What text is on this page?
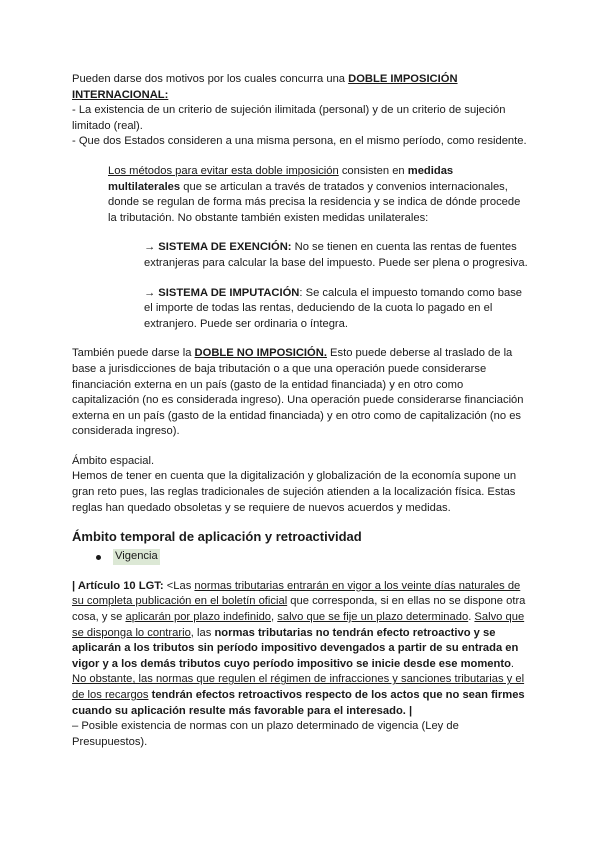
Pueden darse dos motivos por los cuales concurra una DOBLE IMPOSICIÓN INTERNACIONAL:

- La existencia de un criterio de sujeción ilimitada (personal) y de un criterio de sujeción limitado (real).

- Que dos Estados consideren a una misma persona, en el mismo período, como residente.

Los métodos para evitar esta doble imposición consisten en medidas multilaterales que se articulan a través de tratados y convenios internacionales, donde se regulan de forma más precisa la residencia y se indica de dónde procede la tributación. No obstante también existen medidas unilaterales:

→ SISTEMA DE EXENCIÓN: No se tienen en cuenta las rentas de fuentes extranjeras para calcular la base del impuesto. Puede ser plena o progresiva.

→ SISTEMA DE IMPUTACIÓN: Se calcula el impuesto tomando como base el importe de todas las rentas, deduciendo de la cuota lo pagado en el extranjero. Puede ser ordinaria o íntegra.

También puede darse la DOBLE NO IMPOSICIÓN. Esto puede deberse al traslado de la base a jurisdicciones de baja tributación o a que una operación puede considerarse financiación externa en un país (gasto de la entidad financiada) y en otro como capitalización (no es considerada ingreso). Una operación puede considerarse financiación externa en un país (gasto de la entidad financiada) y en otro como de capitalización (no es considerada ingreso).

Ámbito espacial.

Hemos de tener en cuenta que la digitalización y globalización de la economía supone un gran reto pues, las reglas tradicionales de sujeción atienden a la localización física. Estas reglas han quedado obsoletas y se requiere de nuevos acuerdos y medidas.

Ámbito temporal de aplicación y retroactividad

Vigencia

| Artículo 10 LGT: <Las normas tributarias entrarán en vigor a los veinte días naturales de su completa publicación en el boletín oficial que corresponda, si en ellas no se dispone otra cosa, y se aplicarán por plazo indefinido, salvo que se fije un plazo determinado. Salvo que se disponga lo contrario, las normas tributarias no tendrán efecto retroactivo y se aplicarán a los tributos sin período impositivo devengados a partir de su entrada en vigor y a los demás tributos cuyo período impositivo se inicie desde ese momento. No obstante, las normas que regulen el régimen de infracciones y sanciones tributarias y el de los recargos tendrán efectos retroactivos respecto de los actos que no sean firmes cuando su aplicación resulte más favorable para el interesado. |

– Posible existencia de normas con un plazo determinado de vigencia (Ley de Presupuestos).
